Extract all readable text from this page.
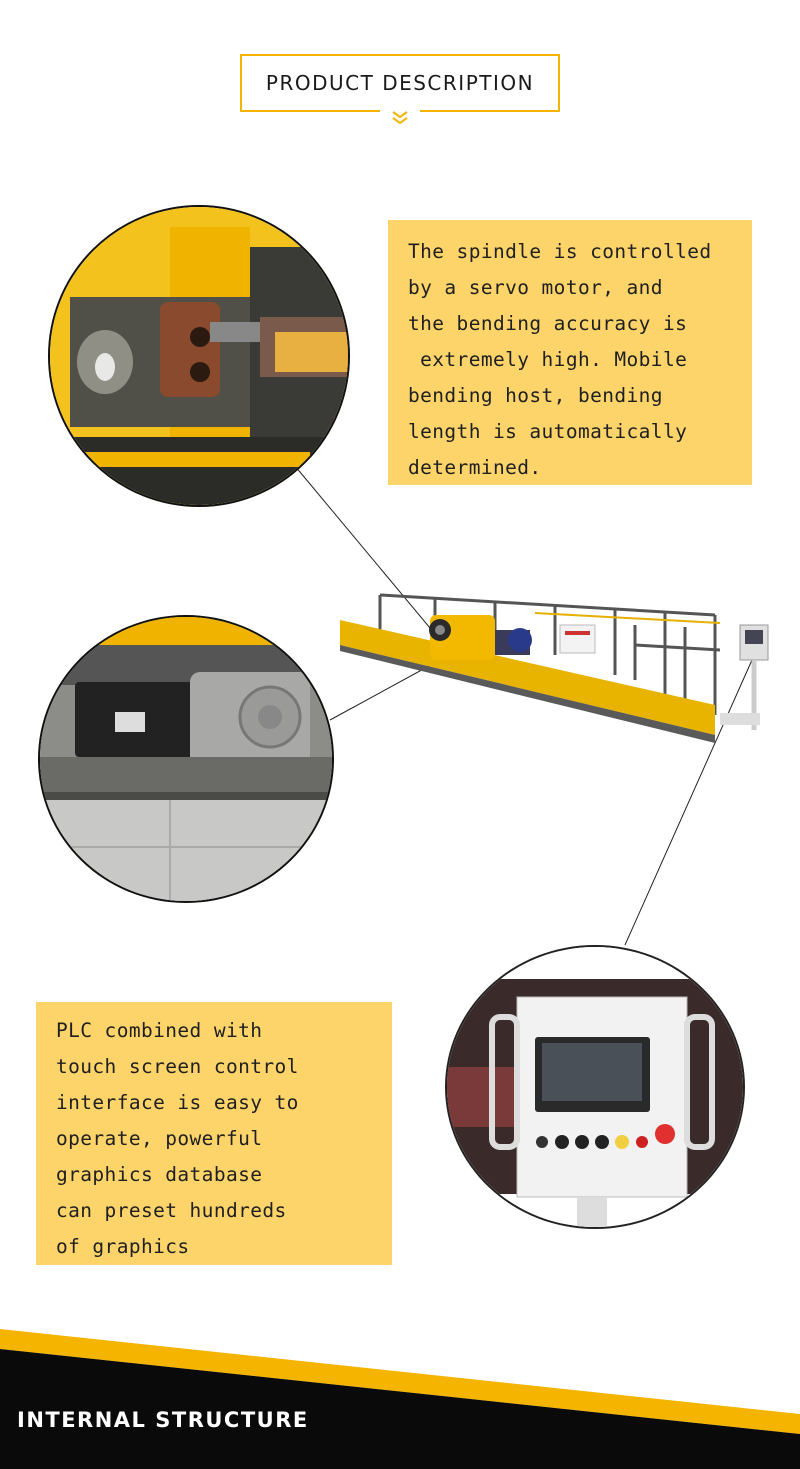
PRODUCT DESCRIPTION

The spindle is controlled

by a servo motor, and

the bending accuracy is

extremely high. Mobile

bending host, bending

length is automatically

determined.

PLC combined with

touch screen control

interface is easy to

operate, powerful

graphics database

can preset hundreds

of graphics

INTERNAL STRUCTURE
